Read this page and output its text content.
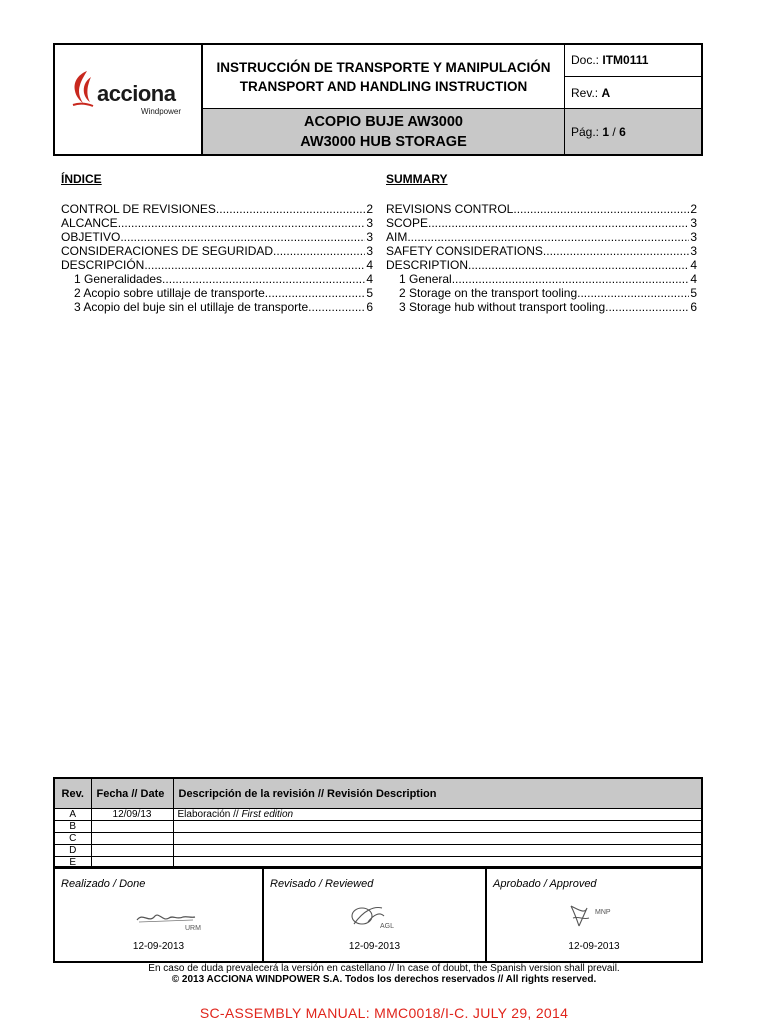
acciona
Windpower
INSTRUCCIÓN DE TRANSPORTE Y MANIPULACIÓN
TRANSPORT AND HANDLING INSTRUCTION
ACOPIO BUJE AW3000
AW3000 HUB STORAGE
Doc.: ITM0111
Rev.: A
Pág.: 1 / 6
ÍNDICE
CONTROL DE REVISIONES .....	2
ALCANCE .....	3
OBJETIVO .....	3
CONSIDERACIONES DE SEGURIDAD .....	3
DESCRIPCIÓN .....	4
1 Generalidades. .....	4
2 Acopio sobre utillaje de transporte. .....	5
3 Acopio del buje sin el utillaje de transporte. .....	6
SUMMARY
REVISIONS CONTROL .....	2
SCOPE .....	3
AIM .....	3
SAFETY CONSIDERATIONS .....	3
DESCRIPTION .....	4
1 General .....	4
2 Storage on the transport tooling .....	5
3 Storage hub without transport tooling. .....	6
Rev.	Fecha // Date	Descripción de la revisión // Revisión Description
A	12/09/13	Elaboración // First edition
B		
C		
D		
E		
Realizado / Done
URM
12-09-2013
Revisado / Reviewed
AGL
12-09-2013
Aprobado / Approved
MNP
12-09-2013
En caso de duda prevalecerá la versión en castellano // In case of doubt, the Spanish version shall prevail.
© 2013 ACCIONA WINDPOWER S.A. Todos los derechos reservados // All rights reserved.
SC-ASSEMBLY MANUAL: MMC0018/I-C. JULY 29, 2014
